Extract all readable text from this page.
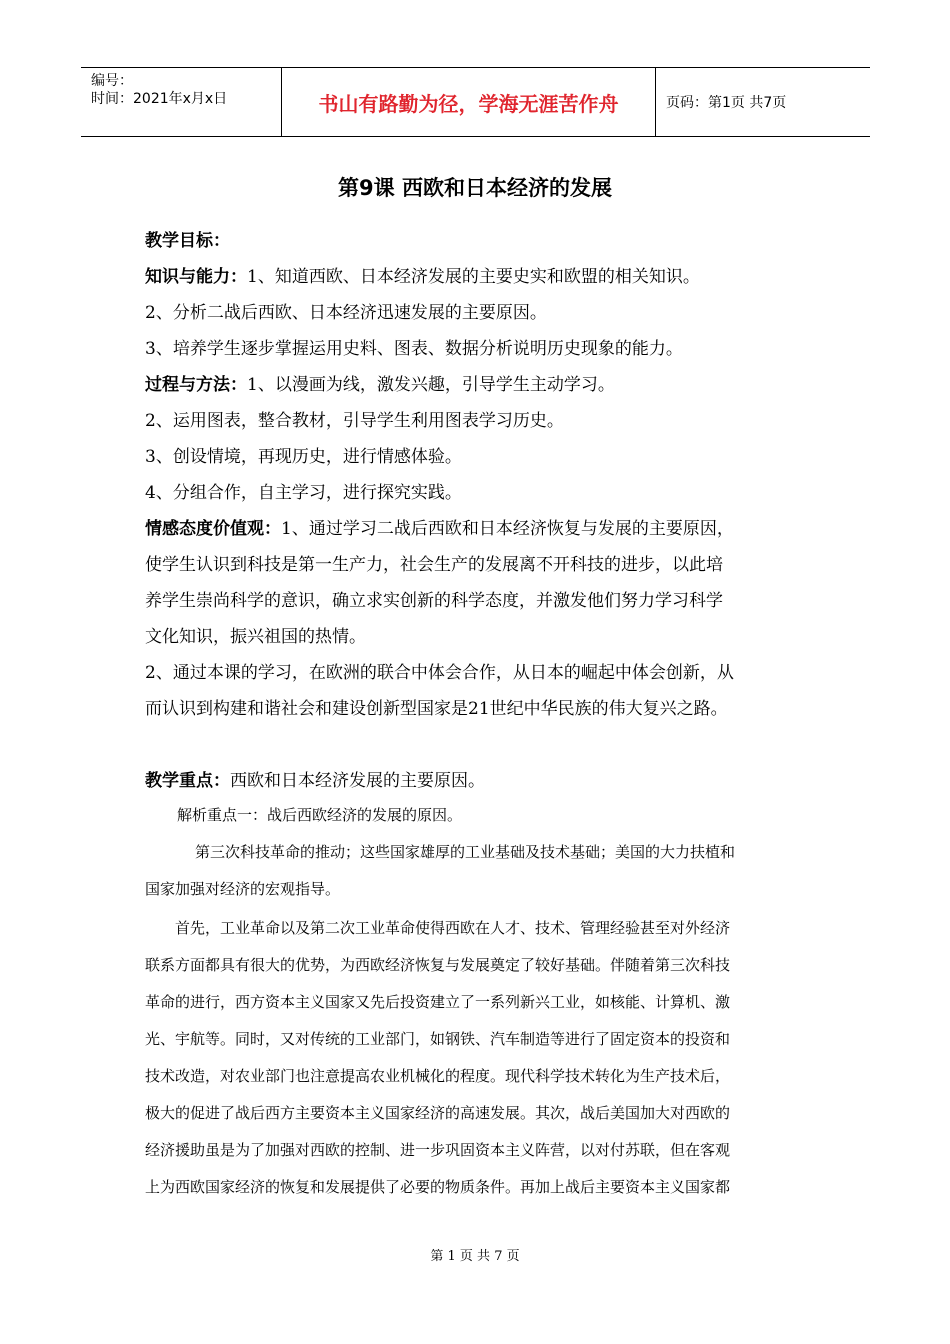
编号：
时间：2021年x月x日	书山有路勤为径，学海无涯苦作舟	页码：第1页 共7页
第9课 西欧和日本经济的发展
教学目标：
知识与能力：1、知道西欧、日本经济发展的主要史实和欧盟的相关知识。
2、分析二战后西欧、日本经济迅速发展的主要原因。
3、培养学生逐步掌握运用史料、图表、数据分析说明历史现象的能力。
过程与方法：1、以漫画为线，激发兴趣，引导学生主动学习。
2、运用图表，整合教材，引导学生利用图表学习历史。
3、创设情境，再现历史，进行情感体验。
4、分组合作，自主学习，进行探究实践。
情感态度价值观：1、通过学习二战后西欧和日本经济恢复与发展的主要原因，
使学生认识到科技是第一生产力，社会生产的发展离不开科技的进步，以此培
养学生崇尚科学的意识，确立求实创新的科学态度，并激发他们努力学习科学
文化知识，振兴祖国的热情。
2、通过本课的学习，在欧洲的联合中体会合作，从日本的崛起中体会创新，从
而认识到构建和谐社会和建设创新型国家是21世纪中华民族的伟大复兴之路。
教学重点：西欧和日本经济发展的主要原因。
解析重点一：战后西欧经济的发展的原因。
第三次科技革命的推动；这些国家雄厚的工业基础及技术基础；美国的大力扶植和
国家加强对经济的宏观指导。
首先，工业革命以及第二次工业革命使得西欧在人才、技术、管理经验甚至对外经济
联系方面都具有很大的优势，为西欧经济恢复与发展奠定了较好基础。伴随着第三次科技
革命的进行，西方资本主义国家又先后投资建立了一系列新兴工业，如核能、计算机、激
光、宇航等。同时，又对传统的工业部门，如钢铁、汽车制造等进行了固定资本的投资和
技术改造，对农业部门也注意提高农业机械化的程度。现代科学技术转化为生产技术后，
极大的促进了战后西方主要资本主义国家经济的高速发展。其次，战后美国加大对西欧的
经济援助虽是为了加强对西欧的控制、进一步巩固资本主义阵营，以对付苏联，但在客观
上为西欧国家经济的恢复和发展提供了必要的物质条件。再加上战后主要资本主义国家都
第 1 页 共 7 页
